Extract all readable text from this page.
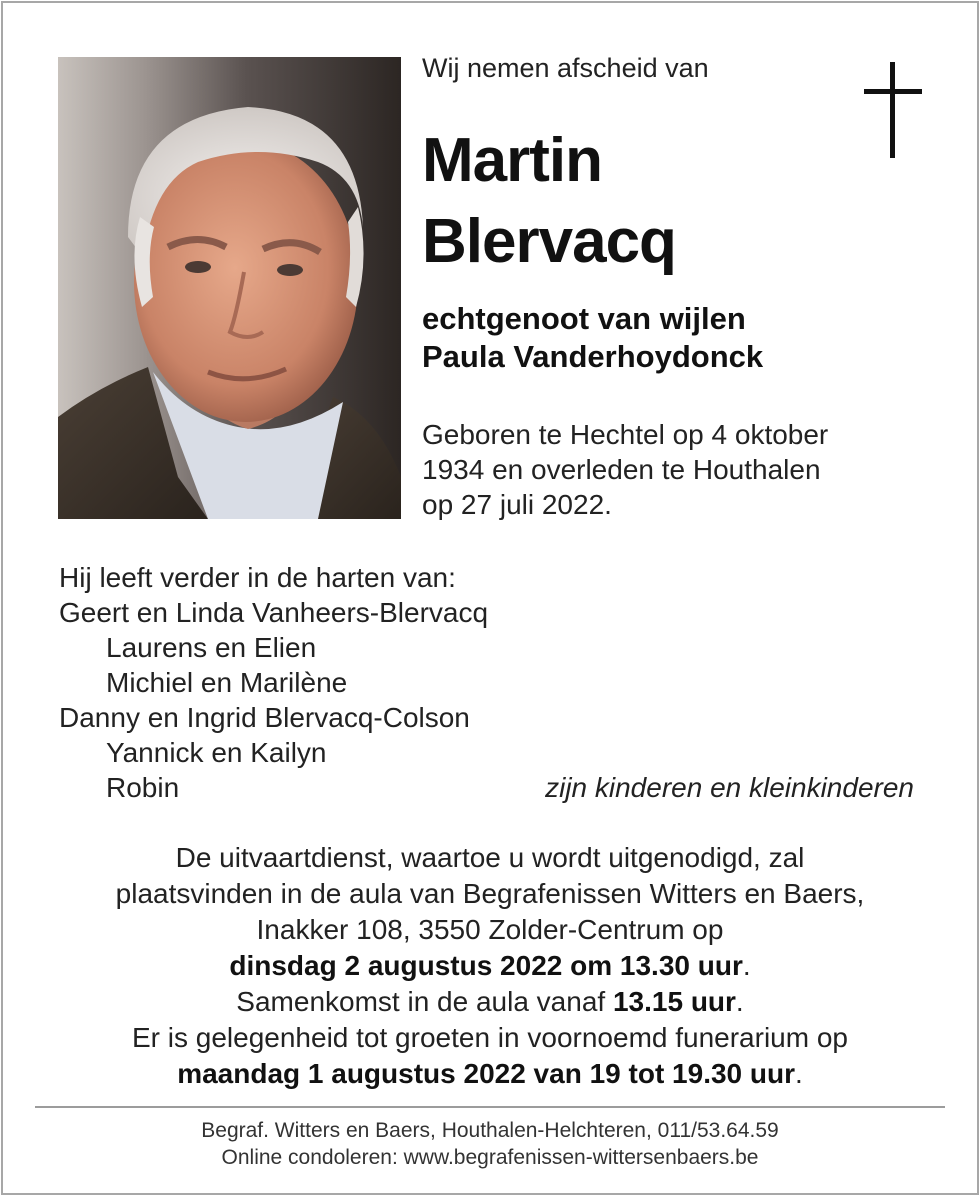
Wij nemen afscheid van
Martin
Blervacq
echtgenoot van wijlen
Paula Vanderhoydonck
Geboren te Hechtel op 4 oktober
1934 en overleden te Houthalen
op 27 juli 2022.
Hij leeft verder in de harten van:
Geert en Linda Vanheers-Blervacq
Laurens en Elien
Michiel en Marilène
Danny en Ingrid Blervacq-Colson
Yannick en Kailyn
Robin	zijn kinderen en kleinkinderen
De uitvaartdienst, waartoe u wordt uitgenodigd, zal
plaatsvinden in de aula van Begrafenissen Witters en Baers,
Inakker 108, 3550 Zolder-Centrum op
dinsdag 2 augustus 2022 om 13.30 uur.
Samenkomst in de aula vanaf 13.15 uur.
Er is gelegenheid tot groeten in voornoemd funerarium op
maandag 1 augustus 2022 van 19 tot 19.30 uur.
Begraf. Witters en Baers, Houthalen-Helchteren, 011/53.64.59
Online condoleren: www.begrafenissen-wittersenbaers.be
